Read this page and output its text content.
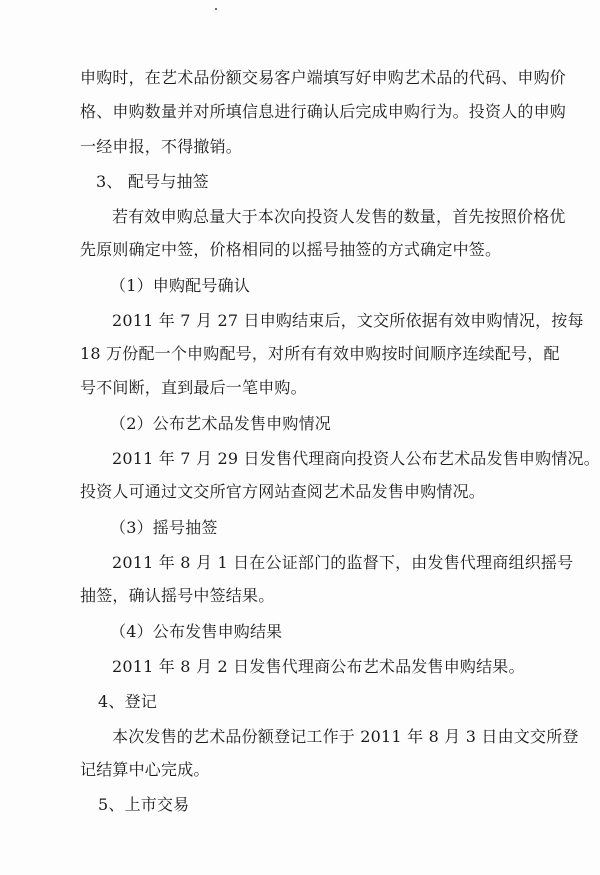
申购时，在艺术品份额交易客户端填写好申购艺术品的代码、申购价
格、申购数量并对所填信息进行确认后完成申购行为。投资人的申购
一经申报，不得撤销。
3、 配号与抽签
若有效申购总量大于本次向投资人发售的数量，首先按照价格优
先原则确定中签，价格相同的以摇号抽签的方式确定中签。
（1）申购配号确认
2011 年 7 月 27 日申购结束后，文交所依据有效申购情况，按每
18 万份配一个申购配号，对所有有效申购按时间顺序连续配号，配
号不间断，直到最后一笔申购。
（2）公布艺术品发售申购情况
2011 年 7 月 29 日发售代理商向投资人公布艺术品发售申购情况。
投资人可通过文交所官方网站查阅艺术品发售申购情况。
（3）摇号抽签
2011 年 8 月 1 日在公证部门的监督下，由发售代理商组织摇号
抽签，确认摇号中签结果。
（4）公布发售申购结果
2011 年 8 月 2 日发售代理商公布艺术品发售申购结果。
4、登记
本次发售的艺术品份额登记工作于 2011 年 8 月 3 日由文交所登
记结算中心完成。
5、上市交易
